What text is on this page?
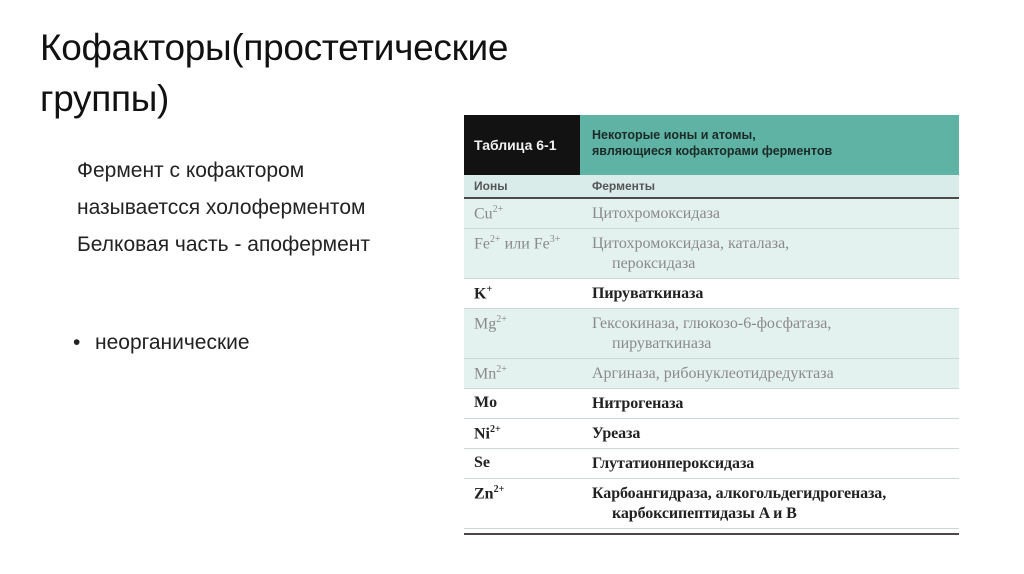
Кофакторы(простетические
группы)
Фермент с кофактором
называетсся холоферментом
Белковая часть - апофермент
• неорганические
Таблица 6-1
Некоторые ионы и атомы,
являющиеся кофакторами ферментов
Ионы	Ферменты
$Cu^{2+}$	Цитохромоксидаза
$Fe^{2+}$ или $Fe^{3+}$	Цитохромоксидаза, каталаза,
пероксидаза
K+	Пируваткиназа
$Mg^{2+}$	Гексокиназа, глюкозо-6-фосфатаза,
пируваткиназа
$Mn^{2+}$	Аргиназа, рибонуклеотидредуктаза
Mo	Нитрогеназа
$Ni^{2+}$	Уреаза
Se	Глутатионпероксидаза
$Zn^{2+}$	Карбоангидраза, алкогольдегидрогеназа,
карбоксипептидазы A и B
